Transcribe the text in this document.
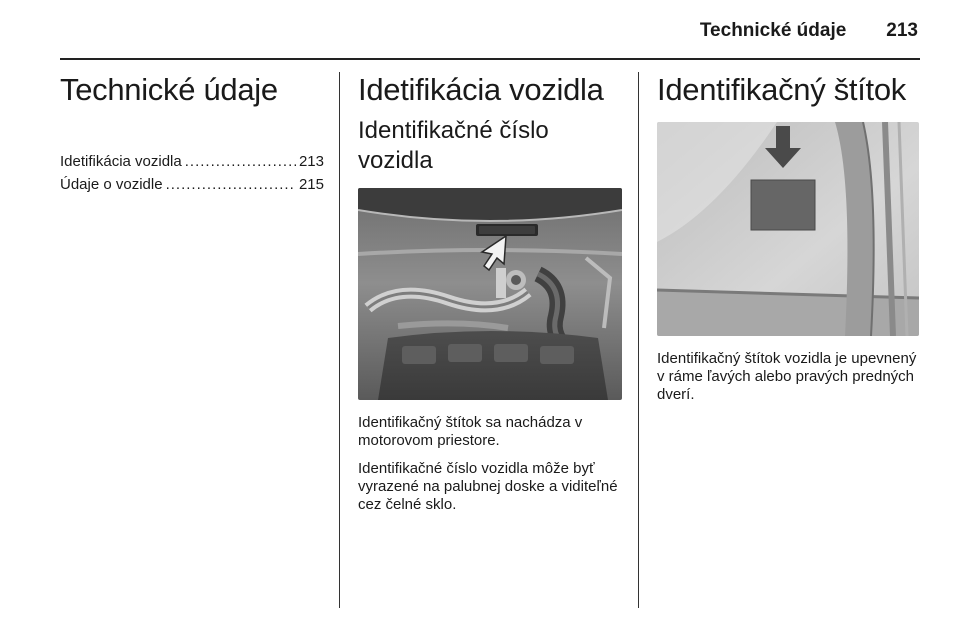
Technické údaje 213
Technické údaje
Idetifikácia vozidla .....	213
Údaje o vozidle .....	215
Idetifikácia vozidla
Identifikačné číslo vozidla
Identifikačný štítok sa nachádza v motorovom priestore.
Identifikačné číslo vozidla môže byť vyrazené na palubnej doske a viditeľné cez čelné sklo.
Identifikačný štítok
Identifikačný štítok vozidla je upevnený v ráme ľavých alebo pravých predných dverí.
